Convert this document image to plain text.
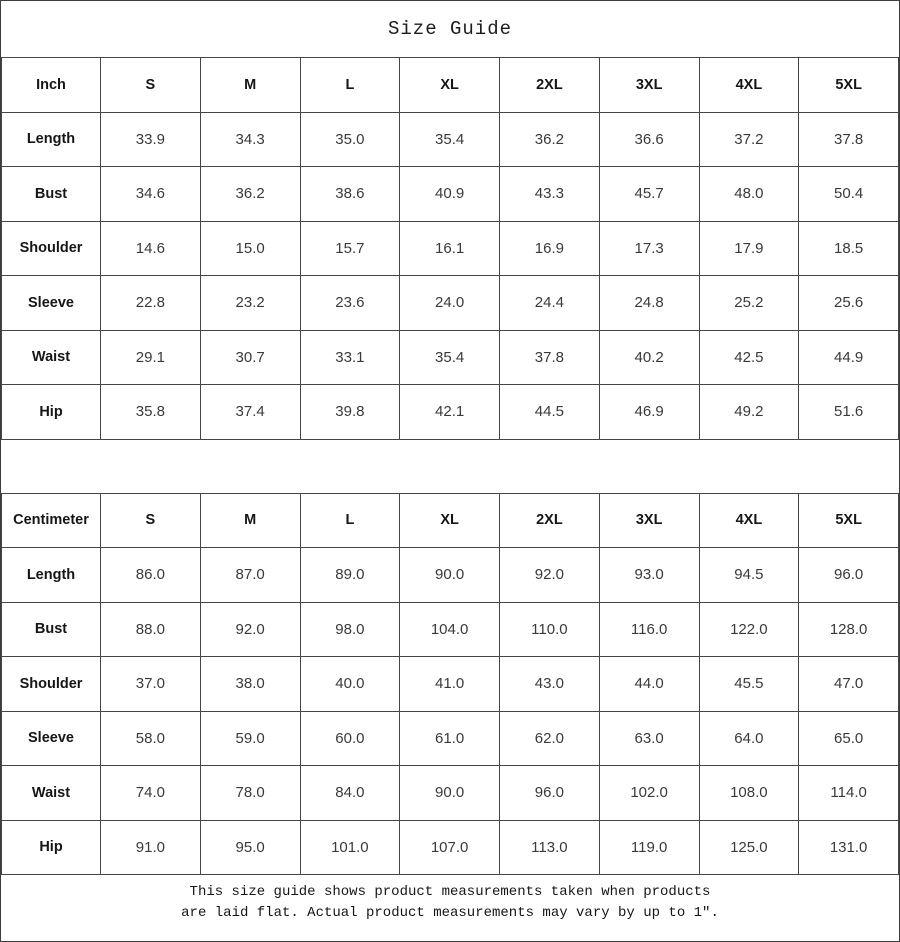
Size Guide
Inch	S	M	L	XL	2XL	3XL	4XL	5XL
Length	33.9	34.3	35.0	35.4	36.2	36.6	37.2	37.8
Bust	34.6	36.2	38.6	40.9	43.3	45.7	48.0	50.4
Shoulder	14.6	15.0	15.7	16.1	16.9	17.3	17.9	18.5
Sleeve	22.8	23.2	23.6	24.0	24.4	24.8	25.2	25.6
Waist	29.1	30.7	33.1	35.4	37.8	40.2	42.5	44.9
Hip	35.8	37.4	39.8	42.1	44.5	46.9	49.2	51.6
Centimeter	S	M	L	XL	2XL	3XL	4XL	5XL
Length	86.0	87.0	89.0	90.0	92.0	93.0	94.5	96.0
Bust	88.0	92.0	98.0	104.0	110.0	116.0	122.0	128.0
Shoulder	37.0	38.0	40.0	41.0	43.0	44.0	45.5	47.0
Sleeve	58.0	59.0	60.0	61.0	62.0	63.0	64.0	65.0
Waist	74.0	78.0	84.0	90.0	96.0	102.0	108.0	114.0
Hip	91.0	95.0	101.0	107.0	113.0	119.0	125.0	131.0
This size guide shows product measurements taken when products
are laid flat. Actual product measurements may vary by up to 1″.
